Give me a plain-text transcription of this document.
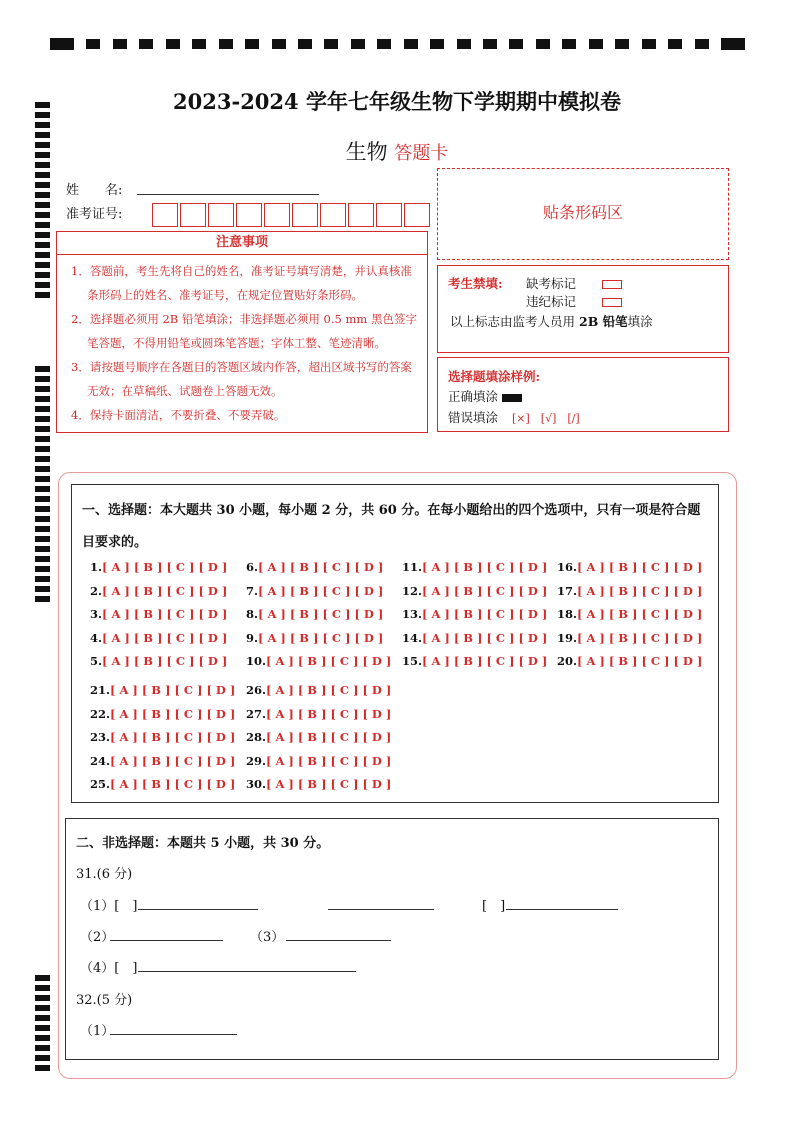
2023-2024 学年七年级生物下学期期中模拟卷
生物 答题卡
姓　　名:
准考证号:	贴条形码区
注意事项

1．答题前，考生先将自己的姓名，准考证号填写清楚，并认真核准条形码上的姓名、准考证号，在规定位置贴好条形码。

2．选择题必须用 2B 铅笔填涂；非选择题必须用 0.5 mm 黑色签字笔答题，不得用铅笔或圆珠笔答题；字体工整、笔迹清晰。

3．请按题号顺序在各题目的答题区域内作答，超出区域书写的答案无效；在草稿纸、试题卷上答题无效。

4．保持卡面清洁，不要折叠、不要弄破。

考生禁填: 缺考标记
违纪标记
以上标志由监考人员用 2B 铅笔填涂
选择题填涂样例:
正确填涂
错误填涂 [×]　[√]　[/]
一、选择题：本大题共 30 小题，每小题 2 分，共 60 分。在每小题给出的四个选项中，只有一项是符合题目要求的。
1.[ A ] [ B ] [ C ] [ D ]
2.[ A ] [ B ] [ C ] [ D ]
3.[ A ] [ B ] [ C ] [ D ]
4.[ A ] [ B ] [ C ] [ D ]
5.[ A ] [ B ] [ C ] [ D ]
6.[ A ] [ B ] [ C ] [ D ]
7.[ A ] [ B ] [ C ] [ D ]
8.[ A ] [ B ] [ C ] [ D ]
9.[ A ] [ B ] [ C ] [ D ]
10.[ A ] [ B ] [ C ] [ D ]
11.[ A ] [ B ] [ C ] [ D ]
12.[ A ] [ B ] [ C ] [ D ]
13.[ A ] [ B ] [ C ] [ D ]
14.[ A ] [ B ] [ C ] [ D ]
15.[ A ] [ B ] [ C ] [ D ]
16.[ A ] [ B ] [ C ] [ D ]
17.[ A ] [ B ] [ C ] [ D ]
18.[ A ] [ B ] [ C ] [ D ]
19.[ A ] [ B ] [ C ] [ D ]
20.[ A ] [ B ] [ C ] [ D ]
21.[ A ] [ B ] [ C ] [ D ]
22.[ A ] [ B ] [ C ] [ D ]
23.[ A ] [ B ] [ C ] [ D ]
24.[ A ] [ B ] [ C ] [ D ]
25.[ A ] [ B ] [ C ] [ D ]
26.[ A ] [ B ] [ C ] [ D ]
27.[ A ] [ B ] [ C ] [ D ]
28.[ A ] [ B ] [ C ] [ D ]
29.[ A ] [ B ] [ C ] [ D ]
30.[ A ] [ B ] [ C ] [ D ]
二、非选择题：本题共 5 小题，共 30 分。
31.(6 分)
（1）[　]	[　]
（2）	（3）
（4）[　]
32.(5 分)
（1）
